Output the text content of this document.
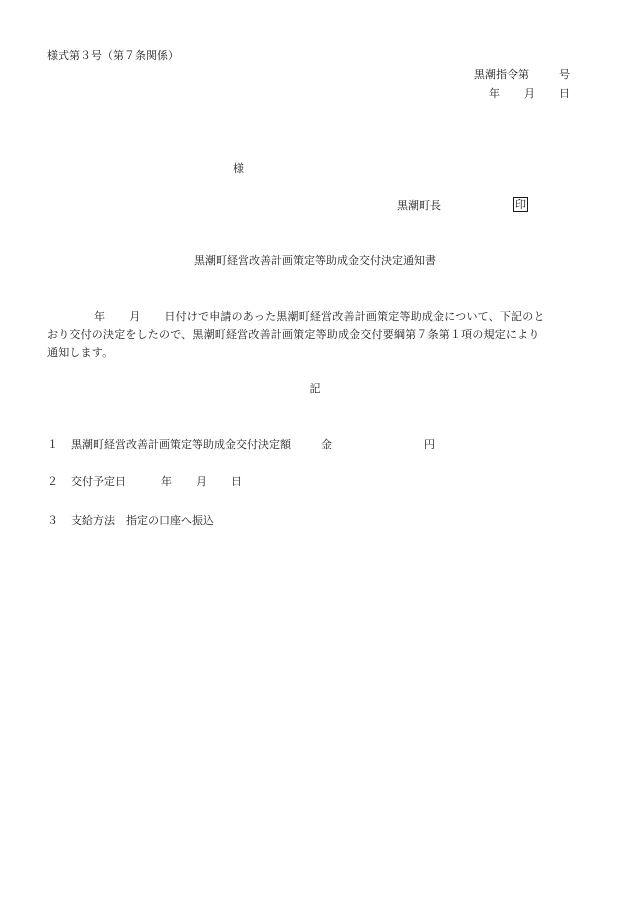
様式第３号（第７条関係）
黒潮指令第	号
年 月 日
様
黒潮町長	印
黒潮町経営改善計画策定等助成金交付決定通知書
年 月 日付けで申請のあった黒潮町経営改善計画策定等助成金について、下記のと
おり交付の決定をしたので、黒潮町経営改善計画策定等助成金交付要綱第７条第１項の規定により
通知します。
記
１ 黒潮町経営改善計画策定等助成金交付決定額	金	円
２ 交付予定日	年 月 日
３ 支給方法　 指定の口座へ振込
